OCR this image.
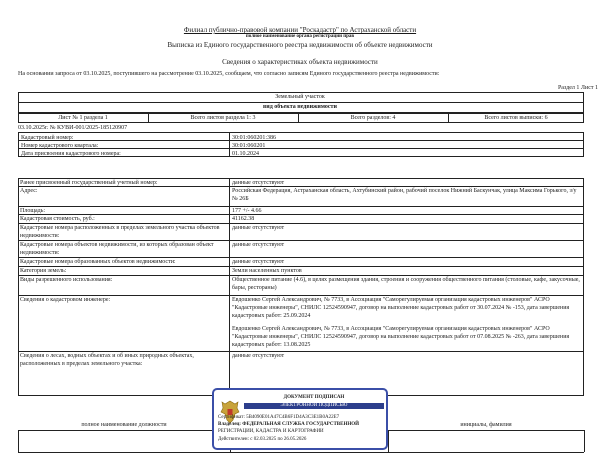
Филиал публично-правовой компании "Роскадастр" по Астраханской области
полное наименование органа регистрации прав
Выписка из Единого государственного реестра недвижимости об объекте недвижимости
Сведения о характеристиках объекта недвижимости
На основании запроса от 03.10.2025, поступившего на рассмотрение 03.10.2025, сообщаем, что согласно записям Единого государственного реестра недвижимости:
Раздел 1 Лист 1
Земельный участок
вид объекта недвижимости
Лист № 1 раздела 1	Всего листов раздела 1: 3	Всего разделов: 4	Всего листов выписки: 6
03.10.2025г. № КУВИ-001/2025-185120907
Кадастровый номер:	30:01:060201:386
Номер кадастрового квартала:	30:01:060201
Дата присвоения кадастрового номера:	01.10.2024
Ранее присвоенный государственный учетный номер:	данные отсутствуют
Адрес:	Российская Федерация, Астраханская область, Ахтубинский район, рабочий поселок Нижний Баскунчак, улица Максима Горького, з/у № 26Б
Площадь:	177 +/- 4.66
Кадастровая стоимость, руб.:	41162.38
Кадастровые номера расположенных в пределах земельного участка объектов недвижимости:
данные отсутствуют
Кадастровые номера объектов недвижимости, из которых образован объект недвижимости:
данные отсутствуют
Кадастровые номера образованных объектов недвижимости:	данные отсутствуют
Категория земель:	Земли населенных пунктов
Виды разрешенного использования:	Общественное питание (4.6), в целях размещения здания, строения и сооружения общественного питания (столовые, кафе, закусочные, бары, рестораны)
Сведения о кадастровом инженере:	Евдошенко Сергей Александрович, № 7733, в Ассоциация "Саморегулируемая организация кадастровых инженеров" АСРО "Кадастровые инженеры", СНИЛС 12524590947, договор на выполнение кадастровых работ от 30.07.2024 № -153, дата завершения кадастровых работ: 25.09.2024
Евдошенко Сергей Александрович, № 7733, в Ассоциация "Саморегулируемая организация кадастровых инженеров" АСРО "Кадастровые инженеры", СНИЛС 12524590947, договор на выполнение кадастровых работ от 07.08.2025 № -263, дата завершения кадастровых работ: 13.08.2025
Сведения о лесах, водных объектах и об иных природных объектах, расположенных в пределах земельного участка:
данные отсутствуют
полное наименование должности	инициалы, фамилия
ДОКУМЕНТ ПОДПИСАН
ЭЛЕКТРОННОЙ ПОДПИСЬЮ
Сертификат: 5B4090E01A47C4B6F1D4A3C3E1B0A22E7
Владелец: ФЕДЕРАЛЬНАЯ СЛУЖБА ГОСУДАРСТВЕННОЙ
РЕГИСТРАЦИИ, КАДАСТРА И КАРТОГРАФИИ
Действителен: с 02.03.2025 по 26.05.2026
